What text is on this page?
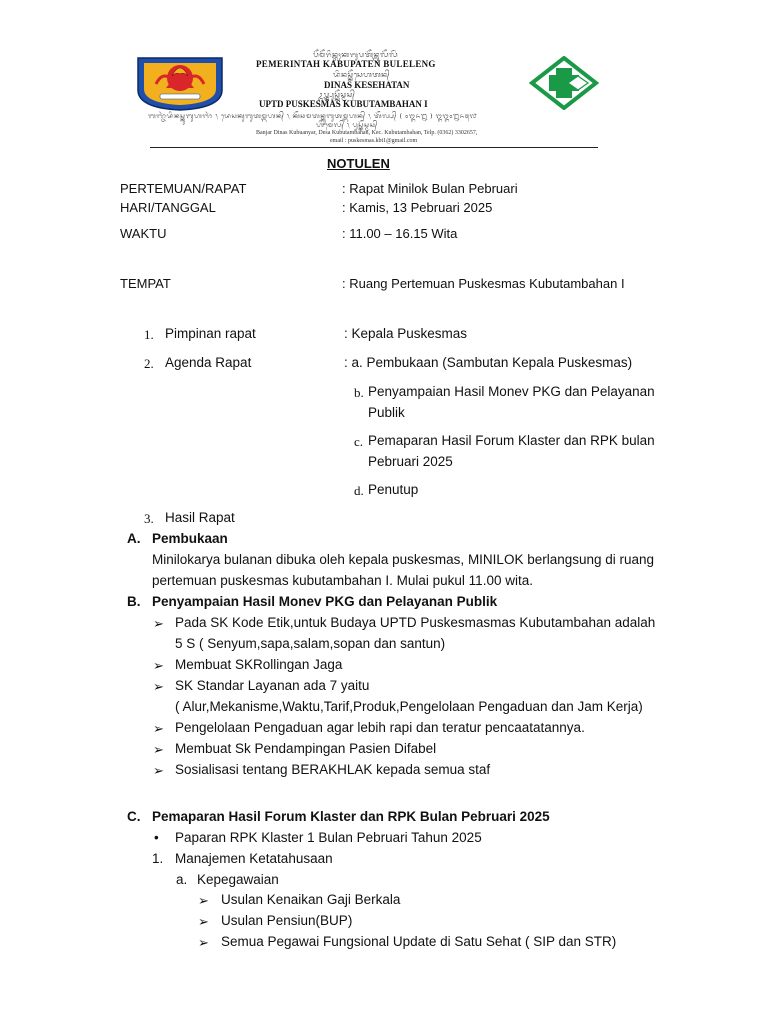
ᬧᭂᬫᭂᬭᬶᬦ᭄ᬢᬄᬓᬩᬸᬧᬢᭂᬦ᭄ᬩᬸᬮᭂᬮᭂᬂ
PEMERINTAH KABUPATEN BULELENG
ᬤᬶᬦᬲ᭄ᬓᭂᬲᬾᬳᬢᬦ᭄
DINAS KESEHATAN
ᬉᬧ᭄ᬢ᭄ᬤ᭄ᬧᬸᬲ᭄ᬓᭂᬲ᭄ᬫᬲ᭄
UPTD PUSKESMAS KUBUTAMBAHAN I
ᬩᬜ᭄ᬚᬃᬤᬶᬦᬲ᭄ᬓᬸᬩᬸᬳᬜᬃ ᭞ ᬤᬾᬲᬓᬸᬩᬸᬢᬫ᭄ᬩᬳᬦ᭄ ᭞ ᬓᭂᬘᬫᬢᬦ᭄ᬓᬸᬩᬸᬢᬫ᭄ᬩᬳᬦ᭄ ᭞ ᬢᭂᬮ᭄ᬧ᭄ ( ᭐᭓᭖᭒ ) ᭓᭓᭐᭒᭖᭕᭗
ᬳᬶᬫᬾᬮ᭄ ᭞ ᬧᬸᬲ᭄ᬓᭂᬲ᭄ᬫᬲ᭄
Banjar Dinas Kubuanyar, Desa Kubutambahan, Kec. Kubutambahan, Telp. (0362) 3302657,
email : puskesmas.kbt1@gmail.com
NOTULEN
PERTEMUAN/RAPAT	: Rapat Minilok Bulan Pebruari
HARI/TANGGAL	: Kamis, 13 Pebruari 2025
WAKTU	: 11.00 – 16.15 Wita
TEMPAT	: Ruang Pertemuan Puskesmas Kubutambahan I
1. Pimpinan rapat	: Kepala Puskesmas
2. Agenda Rapat	: a. Pembukaan (Sambutan Kepala Puskesmas)
b. Penyampaian Hasil Monev PKG dan Pelayanan
Publik
c. Pemaparan Hasil Forum Klaster dan RPK bulan
Pebruari 2025
d. Penutup
3. Hasil Rapat
A. Pembukaan
Minilokarya bulanan dibuka oleh kepala puskesmas, MINILOK berlangsung di ruang
pertemuan puskesmas kubutambahan I. Mulai pukul 11.00 wita.
B. Penyampaian Hasil Monev PKG dan Pelayanan Publik
➢ Pada SK Kode Etik,untuk Budaya UPTD Puskesmasmas Kubutambahan adalah
5 S ( Senyum,sapa,salam,sopan dan santun)
➢ Membuat SKRollingan Jaga
➢ SK Standar Layanan ada 7 yaitu
( Alur,Mekanisme,Waktu,Tarif,Produk,Pengelolaan Pengaduan dan Jam Kerja)
➢ Pengelolaan Pengaduan agar lebih rapi dan teratur pencaatatannya.
➢ Membuat Sk Pendampingan Pasien Difabel
➢ Sosialisasi tentang BERAKHLAK kepada semua staf
C. Pemaparan Hasil Forum Klaster dan RPK Bulan Pebruari 2025
• Paparan RPK Klaster 1 Bulan Pebruari Tahun 2025
1. Manajemen Ketatahusaan
a. Kepegawaian
➢ Usulan Kenaikan Gaji Berkala
➢ Usulan Pensiun(BUP)
➢ Semua Pegawai Fungsional Update di Satu Sehat ( SIP dan STR)
